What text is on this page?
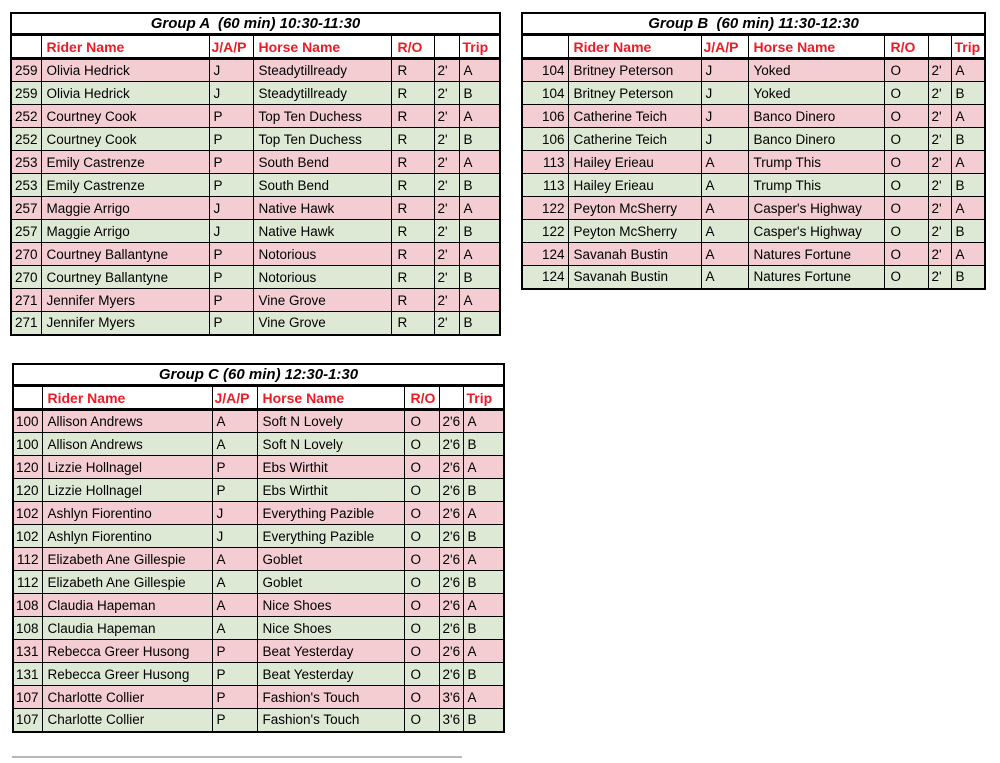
Group A  (60 min) 10:30-11:30						
	Rider Name	J/A/P	Horse Name	R/O		Trip
259	Olivia Hedrick	J	Steadytillready	R	2'	A
259	Olivia Hedrick	J	Steadytillready	R	2'	B
252	Courtney Cook	P	Top Ten Duchess	R	2'	A
252	Courtney Cook	P	Top Ten Duchess	R	2'	B
253	Emily Castrenze	P	South Bend	R	2'	A
253	Emily Castrenze	P	South Bend	R	2'	B
257	Maggie Arrigo	J	Native Hawk	R	2'	A
257	Maggie Arrigo	J	Native Hawk	R	2'	B
270	Courtney Ballantyne	P	Notorious	R	2'	A
270	Courtney Ballantyne	P	Notorious	R	2'	B
271	Jennifer Myers	P	Vine Grove	R	2'	A
271	Jennifer Myers	P	Vine Grove	R	2'	B
Group B  (60 min) 11:30-12:30						
	Rider Name	J/A/P	Horse Name	R/O		Trip
104	Britney Peterson	J	Yoked	O	2'	A
104	Britney Peterson	J	Yoked	O	2'	B
106	Catherine Teich	J	Banco Dinero	O	2'	A
106	Catherine Teich	J	Banco Dinero	O	2'	B
113	Hailey Erieau	A	Trump This	O	2'	A
113	Hailey Erieau	A	Trump This	O	2'	B
122	Peyton McSherry	A	Casper's Highway	O	2'	A
122	Peyton McSherry	A	Casper's Highway	O	2'	B
124	Savanah Bustin	A	Natures Fortune	O	2'	A
124	Savanah Bustin	A	Natures Fortune	O	2'	B
Group C (60 min) 12:30-1:30						
	Rider Name	J/A/P	Horse Name	R/O		Trip
100	Allison Andrews	A	Soft N Lovely	O	2'6	A
100	Allison Andrews	A	Soft N Lovely	O	2'6	B
120	Lizzie Hollnagel	P	Ebs Wirthit	O	2'6	A
120	Lizzie Hollnagel	P	Ebs Wirthit	O	2'6	B
102	Ashlyn Fiorentino	J	Everything Pazible	O	2'6	A
102	Ashlyn Fiorentino	J	Everything Pazible	O	2'6	B
112	Elizabeth Ane Gillespie	A	Goblet	O	2'6	A
112	Elizabeth Ane Gillespie	A	Goblet	O	2'6	B
108	Claudia Hapeman	A	Nice Shoes	O	2'6	A
108	Claudia Hapeman	A	Nice Shoes	O	2'6	B
131	Rebecca Greer Husong	P	Beat Yesterday	O	2'6	A
131	Rebecca Greer Husong	P	Beat Yesterday	O	2'6	B
107	Charlotte Collier	P	Fashion's Touch	O	3'6	A
107	Charlotte Collier	P	Fashion's Touch	O	3'6	B
